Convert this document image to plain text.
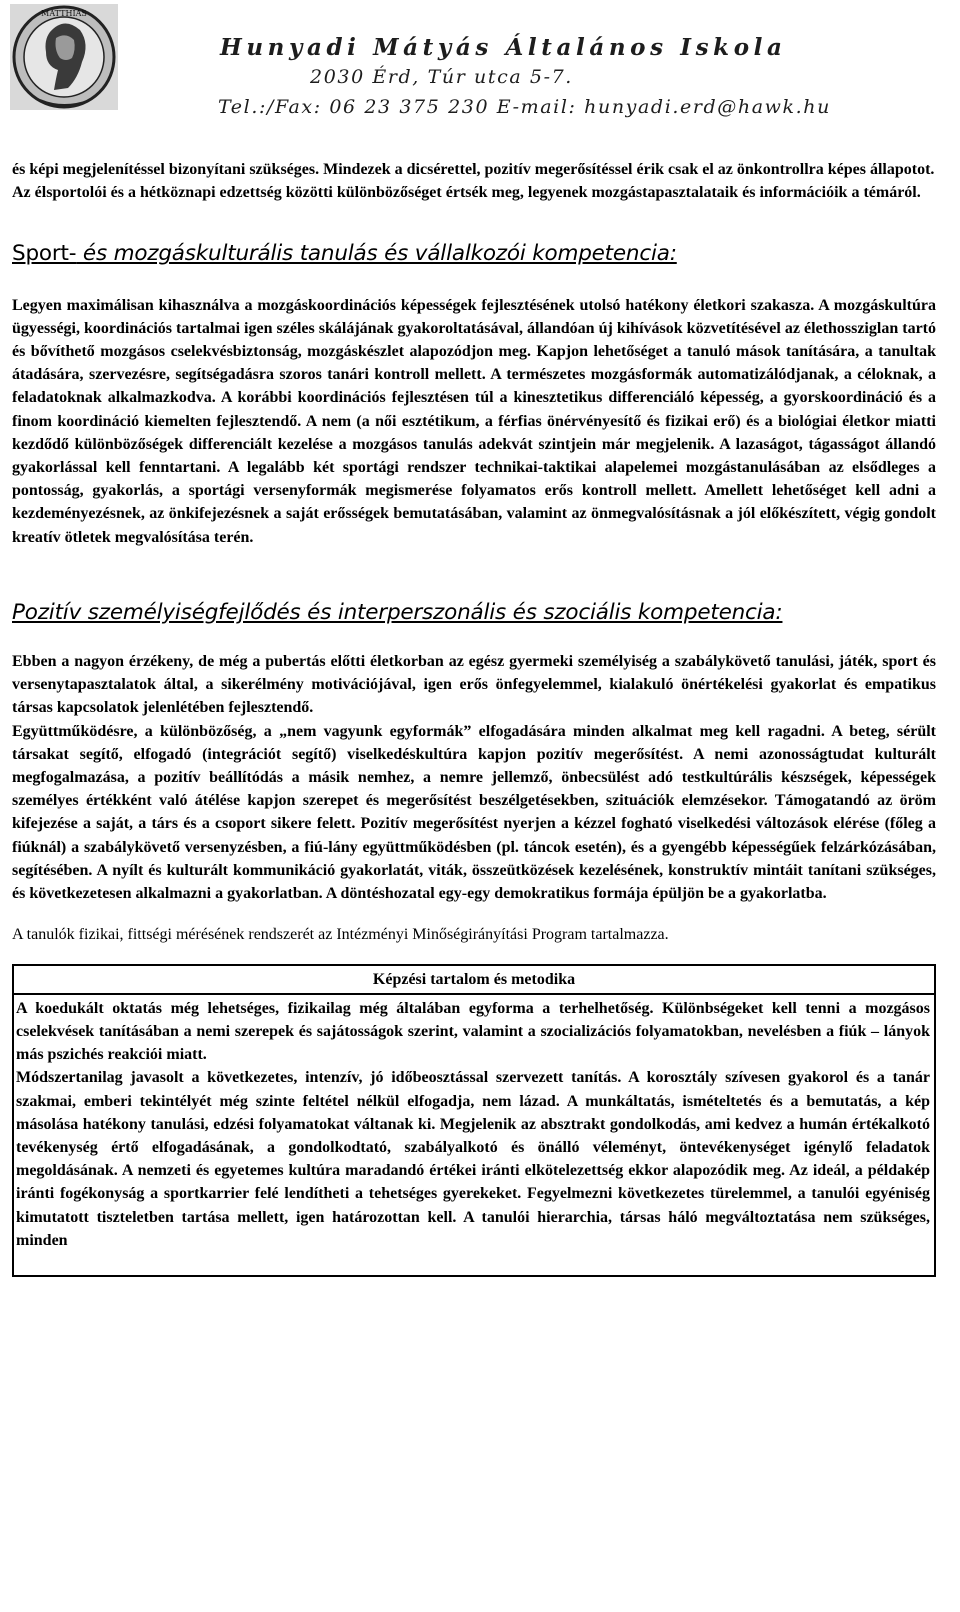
MATTHIAS
Hunyadi Mátyás Általános Iskola
2030 Érd, Túr utca 5-7.
Tel.:/Fax: 06 23 375 230 E-mail: hunyadi.erd@hawk.hu

és képi megjelenítéssel bizonyítani szükséges. Mindezek a dicsérettel, pozitív megerősítéssel érik csak el az önkontrollra képes állapotot.

Az élsportolói és a hétköznapi edzettség közötti különbözőséget értsék meg, legyenek mozgástapasztalataik és információik a témáról.

Sport- és mozgáskulturális tanulás és vállalkozói kompetencia:

Legyen maximálisan kihasználva a mozgáskoordinációs képességek fejlesztésének utolsó hatékony életkori szakasza. A mozgáskultúra ügyességi, koordinációs tartalmai igen széles skálájának gyakoroltatásával, állandóan új kihívások közvetítésével az élethossziglan tartó és bővíthető mozgásos cselekvésbiztonság, mozgáskészlet alapozódjon meg. Kapjon lehetőséget a tanuló mások tanítására, a tanultak átadására, szervezésre, segítségadásra szoros tanári kontroll mellett. A természetes mozgásformák automatizálódjanak, a céloknak, a feladatoknak alkalmazkodva. A korábbi koordinációs fejlesztésen túl a kinesztetikus differenciáló képesség, a gyorskoordináció és a finom koordináció kiemelten fejlesztendő. A nem (a női esztétikum, a férfias önérvényesítő és fizikai erő) és a biológiai életkor miatti kezdődő különbözőségek differenciált kezelése a mozgásos tanulás adekvát szintjein már megjelenik. A lazaságot, tágasságot állandó gyakorlással kell fenntartani. A legalább két sportági rendszer technikai-taktikai alapelemei mozgástanulásában az elsődleges a pontosság, gyakorlás, a sportági versenyformák megismerése folyamatos erős kontroll mellett. Amellett lehetőséget kell adni a kezdeményezésnek, az önkifejezésnek a saját erősségek bemutatásában, valamint az önmegvalósításnak a jól előkészített, végig gondolt kreatív ötletek megvalósítása terén.

Pozitív személyiségfejlődés és interperszonális és szociális kompetencia:

Ebben a nagyon érzékeny, de még a pubertás előtti életkorban az egész gyermeki személyiség a szabálykövető tanulási, játék, sport és versenytapasztalatok által, a sikerélmény motivációjával, igen erős önfegyelemmel, kialakuló önértékelési gyakorlat és empatikus társas kapcsolatok jelenlétében fejlesztendő.

Együttműködésre, a különbözőség, a „nem vagyunk egyformák” elfogadására minden alkalmat meg kell ragadni. A beteg, sérült társakat segítő, elfogadó (integrációt segítő) viselkedéskultúra kapjon pozitív megerősítést. A nemi azonosságtudat kulturált megfogalmazása, a pozitív beállítódás a másik nemhez, a nemre jellemző, önbecsülést adó testkultúrális készségek, képességek személyes értékként való átélése kapjon szerepet és megerősítést beszélgetésekben, szituációk elemzésekor. Támogatandó az öröm kifejezése a saját, a társ és a csoport sikere felett. Pozitív megerősítést nyerjen a kézzel fogható viselkedési változások elérése (főleg a fiúknál) a szabálykövető versenyzésben, a fiú-lány együttműködésben (pl. táncok esetén), és a gyengébb képességűek felzárkózásában, segítésében. A nyílt és kulturált kommunikáció gyakorlatát, viták, összeütközések kezelésének, konstruktív mintáit tanítani szükséges, és következetesen alkalmazni a gyakorlatban. A döntéshozatal egy-egy demokratikus formája épüljön be a gyakorlatba.

A tanulók fizikai, fittségi mérésének rendszerét az Intézményi Minőségirányítási Program tartalmazza.

Képzési tartalom és metodika

A koedukált oktatás még lehetséges, fizikailag még általában egyforma a terhelhetőség. Különbségeket kell tenni a mozgásos cselekvések tanításában a nemi szerepek és sajátosságok szerint, valamint a szocializációs folyamatokban, nevelésben a fiúk – lányok más pszichés reakciói miatt.

Módszertanilag javasolt a következetes, intenzív, jó időbeosztással szervezett tanítás. A korosztály szívesen gyakorol és a tanár szakmai, emberi tekintélyét még szinte feltétel nélkül elfogadja, nem lázad. A munkáltatás, ismételtetés és a bemutatás, a kép másolása hatékony tanulási, edzési folyamatokat váltanak ki. Megjelenik az absztrakt gondolkodás, ami kedvez a humán értékalkotó tevékenység értő elfogadásának, a gondolkodtató, szabályalkotó és önálló véleményt, öntevékenységet igénylő feladatok megoldásának. A nemzeti és egyetemes kultúra maradandó értékei iránti elkötelezettség ekkor alapozódik meg. Az ideál, a példakép iránti fogékonyság a sportkarrier felé lendítheti a tehetséges gyerekeket. Fegyelmezni következetes türelemmel, a tanulói egyéniség kimutatott tiszteletben tartása mellett, igen határozottan kell. A tanulói hierarchia, társas háló megváltoztatása nem szükséges, minden
